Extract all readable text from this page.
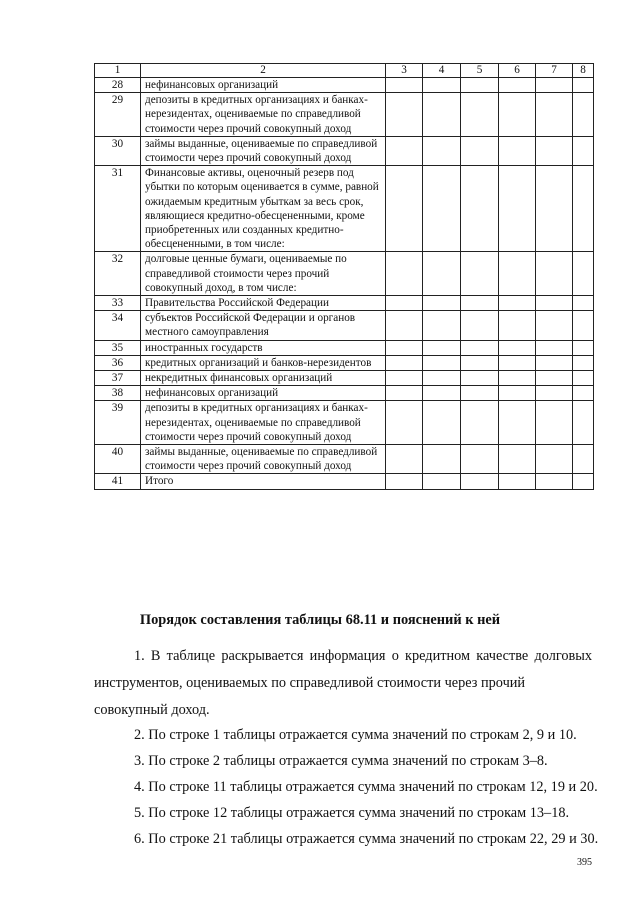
1	2	3	4	5	6	7	8
28	нефинансовых организаций						
29	депозиты в кредитных организациях и банках-нерезидентах, оцениваемые по справедливой стоимости через прочий совокупный доход						
30	займы выданные, оцениваемые по справедливой стоимости через прочий совокупный доход						
31	Финансовые активы, оценочный резерв под убытки по которым оценивается в сумме, равной ожидаемым кредитным убыткам за весь срок, являющиеся кредитно-обесцененными, кроме приобретенных или созданных кредитно-обесцененными, в том числе:						
32	долговые ценные бумаги, оцениваемые по справедливой стоимости через прочий совокупный доход, в том числе:						
33	Правительства Российской Федерации						
34	субъектов Российской Федерации и органов местного самоуправления						
35	иностранных государств						
36	кредитных организаций и банков-нерезидентов						
37	некредитных финансовых организаций						
38	нефинансовых организаций						
39	депозиты в кредитных организациях и банках-нерезидентах, оцениваемые по справедливой стоимости через прочий совокупный доход						
40	займы выданные, оцениваемые по справедливой стоимости через прочий совокупный доход						
41	Итого						
Порядок составления таблицы 68.11 и пояснений к ней
1. В таблице раскрывается информация о кредитном качестве долговых инструментов, оцениваемых по справедливой стоимости через прочий
совокупный доход.
2. По строке 1 таблицы отражается сумма значений по строкам 2, 9 и 10.
3. По строке 2 таблицы отражается сумма значений по строкам 3–8.
4. По строке 11 таблицы отражается сумма значений по строкам 12, 19 и 20.
5. По строке 12 таблицы отражается сумма значений по строкам 13–18.
6. По строке 21 таблицы отражается сумма значений по строкам 22, 29 и 30.
395
